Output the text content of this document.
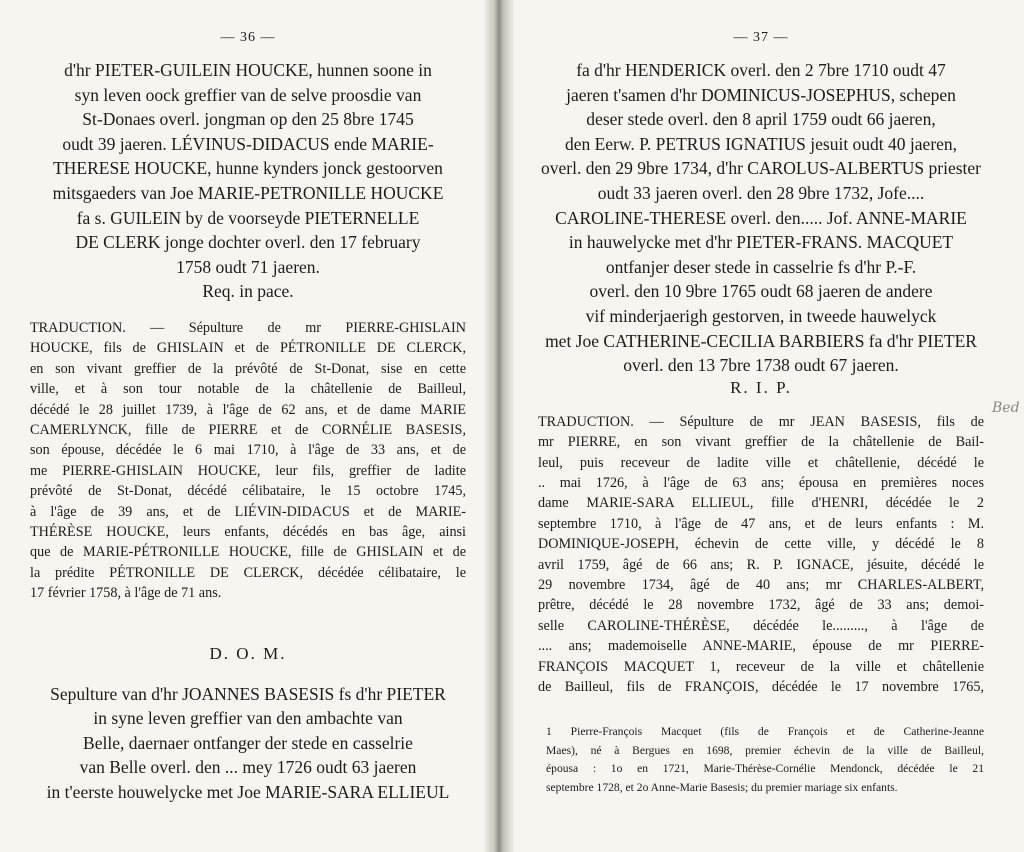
— 36 —
d'hr PIETER-GUILEIN HOUCKE, hunnen soone in
syn leven oock greffier van de selve proosdie van
St-Donaes overl. jongman op den 25 8bre 1745
oudt 39 jaeren. LÉVINUS-DIDACUS ende MARIE-
THERESE HOUCKE, hunne kynders jonck gestoorven
mitsgaeders van Joe MARIE-PETRONILLE HOUCKE
fa s. GUILEIN by de voorseyde PIETERNELLE
DE CLERK jonge dochter overl. den 17 february
1758 oudt 71 jaeren.
Req. in pace.
TRADUCTION. — Sépulture de mr PIERRE-GHISLAIN
HOUCKE, fils de GHISLAIN et de PÉTRONILLE DE CLERCK,
en son vivant greffier de la prévôté de St-Donat, sise en cette
ville, et à son tour notable de la châtellenie de Bailleul,
décédé le 28 juillet 1739, à l'âge de 62 ans, et de dame MARIE
CAMERLYNCK, fille de PIERRE et de CORNÉLIE BASESIS,
son épouse, décédée le 6 mai 1710, à l'âge de 33 ans, et de
me PIERRE-GHISLAIN HOUCKE, leur fils, greffier de ladite
prévôté de St-Donat, décédé célibataire, le 15 octobre 1745,
à l'âge de 39 ans, et de LIÉVIN-DIDACUS et de MARIE-
THÉRÈSE HOUCKE, leurs enfants, décédés en bas âge, ainsi
que de MARIE-PÉTRONILLE HOUCKE, fille de GHISLAIN et de
la prédite PÉTRONILLE DE CLERCK, décédée célibataire, le
17 février 1758, à l'âge de 71 ans.
D. O. M.
Sepulture van d'hr JOANNES BASESIS fs d'hr PIETER
in syne leven greffier van den ambachte van
Belle, daernaer ontfanger der stede en casselrie
van Belle overl. den ... mey 1726 oudt 63 jaeren
in t'eerste houwelycke met Joe MARIE-SARA ELLIEUL
— 37 —
fa d'hr HENDERICK overl. den 2 7bre 1710 oudt 47
jaeren t'samen d'hr DOMINICUS-JOSEPHUS, schepen
deser stede overl. den 8 april 1759 oudt 66 jaeren,
den Eerw. P. PETRUS IGNATIUS jesuit oudt 40 jaeren,
overl. den 29 9bre 1734, d'hr CAROLUS-ALBERTUS priester
oudt 33 jaeren overl. den 28 9bre 1732, Jofe....
CAROLINE-THERESE overl. den..... Jof. ANNE-MARIE
in hauwelycke met d'hr PIETER-FRANS. MACQUET
ontfanjer deser stede in casselrie fs d'hr P.-F.
overl. den 10 9bre 1765 oudt 68 jaeren de andere
vif minderjaerigh gestorven, in tweede hauwelyck
met Joe CATHERINE-CECILIA BARBIERS fa d'hr PIETER
overl. den 13 7bre 1738 oudt 67 jaeren.
R. I. P.
TRADUCTION. — Sépulture de mr JEAN BASESIS, fils de
mr PIERRE, en son vivant greffier de la châtellenie de Bail-
leul, puis receveur de ladite ville et châtellenie, décédé le
.. mai 1726, à l'âge de 63 ans; épousa en premières noces
dame MARIE-SARA ELLIEUL, fille d'HENRI, décédée le 2
septembre 1710, à l'âge de 47 ans, et de leurs enfants : M.
DOMINIQUE-JOSEPH, échevin de cette ville, y décédé le 8
avril 1759, âgé de 66 ans; R. P. IGNACE, jésuite, décédé le
29 novembre 1734, âgé de 40 ans; mr CHARLES-ALBERT,
prêtre, décédé le 28 novembre 1732, âgé de 33 ans; demoi-
selle CAROLINE-THÉRÈSE, décédée le........., à l'âge de
.... ans; mademoiselle ANNE-MARIE, épouse de mr PIERRE-
FRANÇOIS MACQUET 1, receveur de la ville et châtellenie
de Bailleul, fils de FRANÇOIS, décédée le 17 novembre 1765,
1 Pierre-François Macquet (fils de François et de Catherine-Jeanne
Maes), né à Bergues en 1698, premier échevin de la ville de Bailleul,
épousa : 1o en 1721, Marie-Thérèse-Cornélie Mendonck, décédée le 21
septembre 1728, et 2o Anne-Marie Basesis; du premier mariage six enfants.
Bed
